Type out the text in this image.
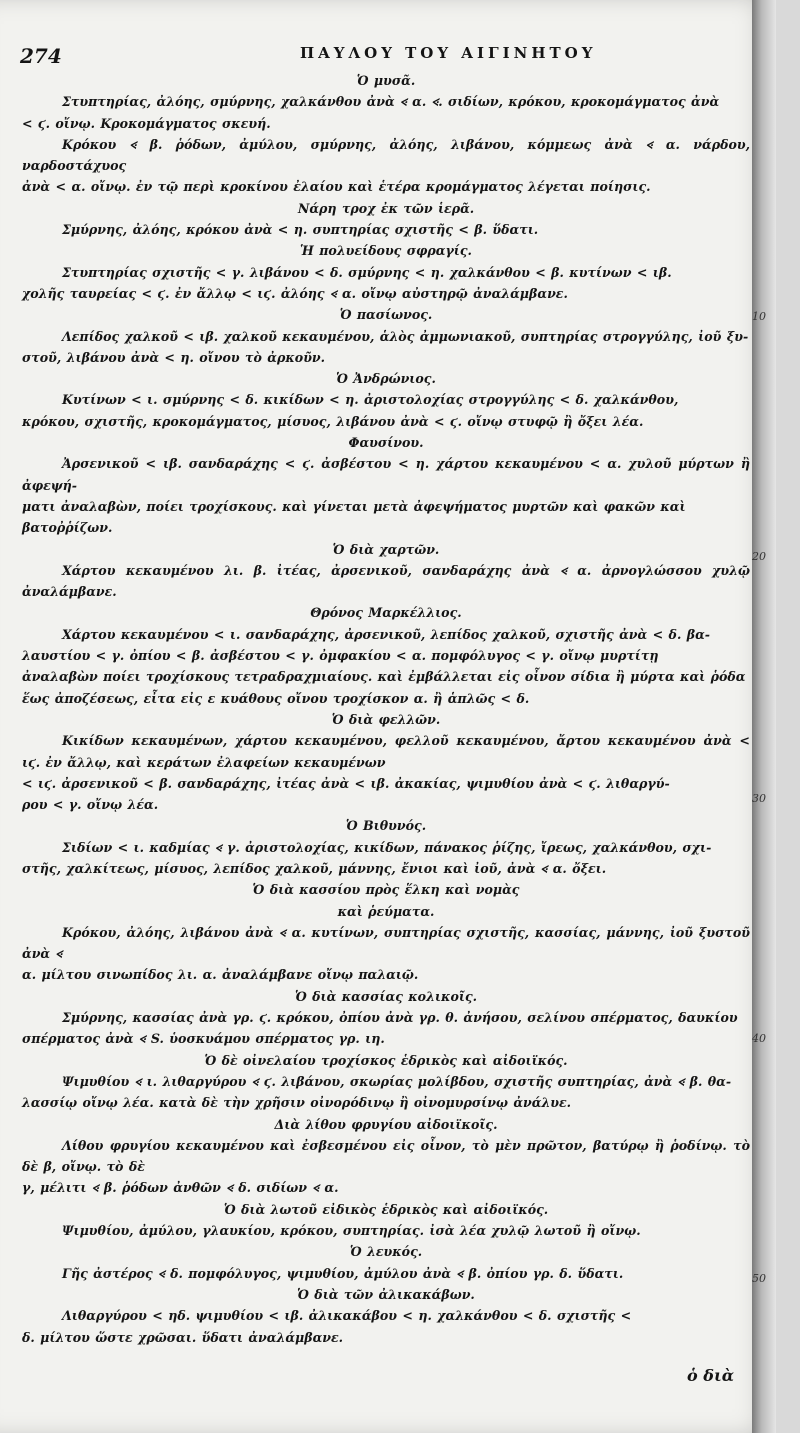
274	ΠΑΥΛΟΥ ΤΟΥ ΑΙΓΙΝΗΤΟΥ

Ὁ μυσᾶ.

Στυπτηρίας, ἀλόης, σμύρνης, χαλκάνθου ἀνὰ 𐅻 α. 𐅻. σιδίων, κρόκου, κροκομάγματος ἀνὰ

< ϛ. οἴνῳ. Κροκομάγματος σκευή.

Κρόκου 𐅻 β. ῥόδων, ἀμύλου, σμύρνης, ἀλόης, λιβάνου, κόμμεως ἀνὰ 𐅻 α. νάρδου, ναρδοστάχυος

ἀνὰ < α. οἴνῳ. ἐν τῷ περὶ κροκίνου ἐλαίου καὶ ἑτέρα κρομάγματος λέγεται ποίησις.

Νάρη τροχ ἐκ τῶν ἱερᾶ.

Σμύρνης, ἀλόης, κρόκου ἀνὰ < η. συπτηρίας σχιστῆς < β. ὕδατι.

Ἡ πολυείδους σφραγίς.

Στυπτηρίας σχιστῆς < γ. λιβάνου < δ. σμύρνης < η. χαλκάνθου < β. κυτίνων < ιβ.

χολῆς ταυρείας < ϛ. ἐν ἄλλῳ < ιϛ. ἀλόης 𐅻 α. οἴνῳ αὐστηρῷ ἀναλάμβανε.

Ὁ πασίωνος.

Λεπίδος χαλκοῦ < ιβ. χαλκοῦ κεκαυμένου, ἁλὸς ἀμμωνιακοῦ, συπτηρίας στρογγύλης, ἰοῦ ξυ-

στοῦ, λιβάνου ἀνὰ < η. οἴνου τὸ ἀρκοῦν.

Ὁ Ἀνδρώνιος.

Κυτίνων < ι. σμύρνης < δ. κικίδων < η. ἀριστολοχίας στρογγύλης < δ. χαλκάνθου,

κρόκου, σχιστῆς, κροκομάγματος, μίσυος, λιβάνου ἀνὰ < ϛ. οἴνῳ στυφῷ ἢ ὄξει λέα.

Φαυσίνου.

Ἀρσενικοῦ < ιβ. σανδαράχης < ϛ. ἀσβέστου < η. χάρτου κεκαυμένου < α. χυλοῦ μύρτων ἢ ἀφεψή-

ματι ἀναλαβὼν, ποίει τροχίσκους. καὶ γίνεται μετὰ ἀφεψήματος μυρτῶν καὶ φακῶν καὶ βατοῤῥίζων.

Ὁ διὰ χαρτῶν.

Χάρτου κεκαυμένου λι. β. ἰτέας, ἀρσενικοῦ, σανδαράχης ἀνὰ 𐅻 α. ἀρνογλώσσου χυλῷ ἀναλάμβανε.

Θρόνος Μαρκέλλιος.

Χάρτου κεκαυμένου < ι. σανδαράχης, ἀρσενικοῦ, λεπίδος χαλκοῦ, σχιστῆς ἀνὰ < δ. βα-

λαυστίου < γ. ὀπίου < β. ἀσβέστου < γ. ὀμφακίου < α. πομφόλυγος < γ. οἴνῳ μυρτίτῃ

ἀναλαβὼν ποίει τροχίσκους τετραδραχμιαίους. καὶ ἐμβάλλεται εἰς οἶνον σίδια ἢ μύρτα καὶ ῥόδα

ἕως ἀποζέσεως, εἶτα εἰς ε κυάθους οἴνου τροχίσκον α. ἢ ἁπλῶς < δ.

Ὁ διὰ φελλῶν.

Κικίδων κεκαυμένων, χάρτου κεκαυμένου, φελλοῦ κεκαυμένου, ἄρτου κεκαυμένου ἀνὰ < ιϛ. ἐν ἄλλῳ, καὶ κεράτων ἐλαφείων κεκαυμένων

< ιϛ. ἀρσενικοῦ < β. σανδαράχης, ἰτέας ἀνὰ < ιβ. ἀκακίας, ψιμυθίου ἀνὰ < ϛ. λιθαργύ-

ρου < γ. οἴνῳ λέα.

Ὁ Βιθυνός.

Σιδίων < ι. καδμίας 𐅻 γ. ἀριστολοχίας, κικίδων, πάνακος ῥίζης, ἴρεως, χαλκάνθου, σχι-

στῆς, χαλκίτεως, μίσυος, λεπίδος χαλκοῦ, μάννης, ἔνιοι καὶ ἰοῦ, ἀνὰ 𐅻 α. ὄξει.

Ὁ διὰ κασσίου πρὸς ἕλκη καὶ νομὰς

καὶ ῥεύματα.

Κρόκου, ἀλόης, λιβάνου ἀνὰ 𐅻 α. κυτίνων, συπτηρίας σχιστῆς, κασσίας, μάννης, ἰοῦ ξυστοῦ ἀνὰ 𐅻

α. μίλτου σινωπίδος λι. α. ἀναλάμβανε οἴνῳ παλαιῷ.

Ὁ διὰ κασσίας κολικοῖς.

Σμύρνης, κασσίας ἀνὰ γρ. ϛ. κρόκου, ὀπίου ἀνὰ γρ. θ. ἀνήσου, σελίνου σπέρματος, δαυκίου

σπέρματος ἀνὰ 𐅻 S. ὑοσκυάμου σπέρματος γρ. ιη.

Ὁ δὲ οἰνελαίου τροχίσκος ἑδρικὸς καὶ αἰδοιϊκός.

Ψιμυθίου 𐅻 ι. λιθαργύρου 𐅻 ϛ. λιβάνου, σκωρίας μολίβδου, σχιστῆς συπτηρίας, ἀνὰ 𐅻 β. θα-

λασσίῳ οἴνῳ λέα. κατὰ δὲ τὴν χρῆσιν οἰνορόδινῳ ἢ οἰνομυρσίνῳ ἀνάλυε.

Διὰ λίθου φρυγίου αἰδοιϊκοῖς.

Λίθου φρυγίου κεκαυμένου καὶ ἐσβεσμένου εἰς οἶνον, τὸ μὲν πρῶτον, βατύρῳ ἢ ῥοδίνῳ. τὸ δὲ β, οἴνῳ. τὸ δὲ

γ, μέλιτι 𐅻 β. ῥόδων ἀνθῶν 𐅻 δ. σιδίων 𐅻 α.

Ὁ διὰ λωτοῦ εἰδικὸς ἑδρικὸς καὶ αἰδοιϊκός.

Ψιμυθίου, ἀμύλου, γλαυκίου, κρόκου, συπτηρίας. ἰσὰ λέα χυλῷ λωτοῦ ἢ οἴνῳ.

Ὁ λευκός.

Γῆς ἀστέρος 𐅻 δ. πομφόλυγος, ψιμυθίου, ἀμύλου ἀνὰ 𐅻 β. ὀπίου γρ. δ. ὕδατι.

Ὁ διὰ τῶν ἀλικακάβων.

Λιθαργύρου < ηδ. ψιμυθίου < ιβ. ἀλικακάβου < η. χαλκάνθου < δ. σχιστῆς <

δ. μίλτου ὥστε χρῶσαι. ὕδατι ἀναλάμβανε.

10
20
30
40
50
ὁ διὰ
